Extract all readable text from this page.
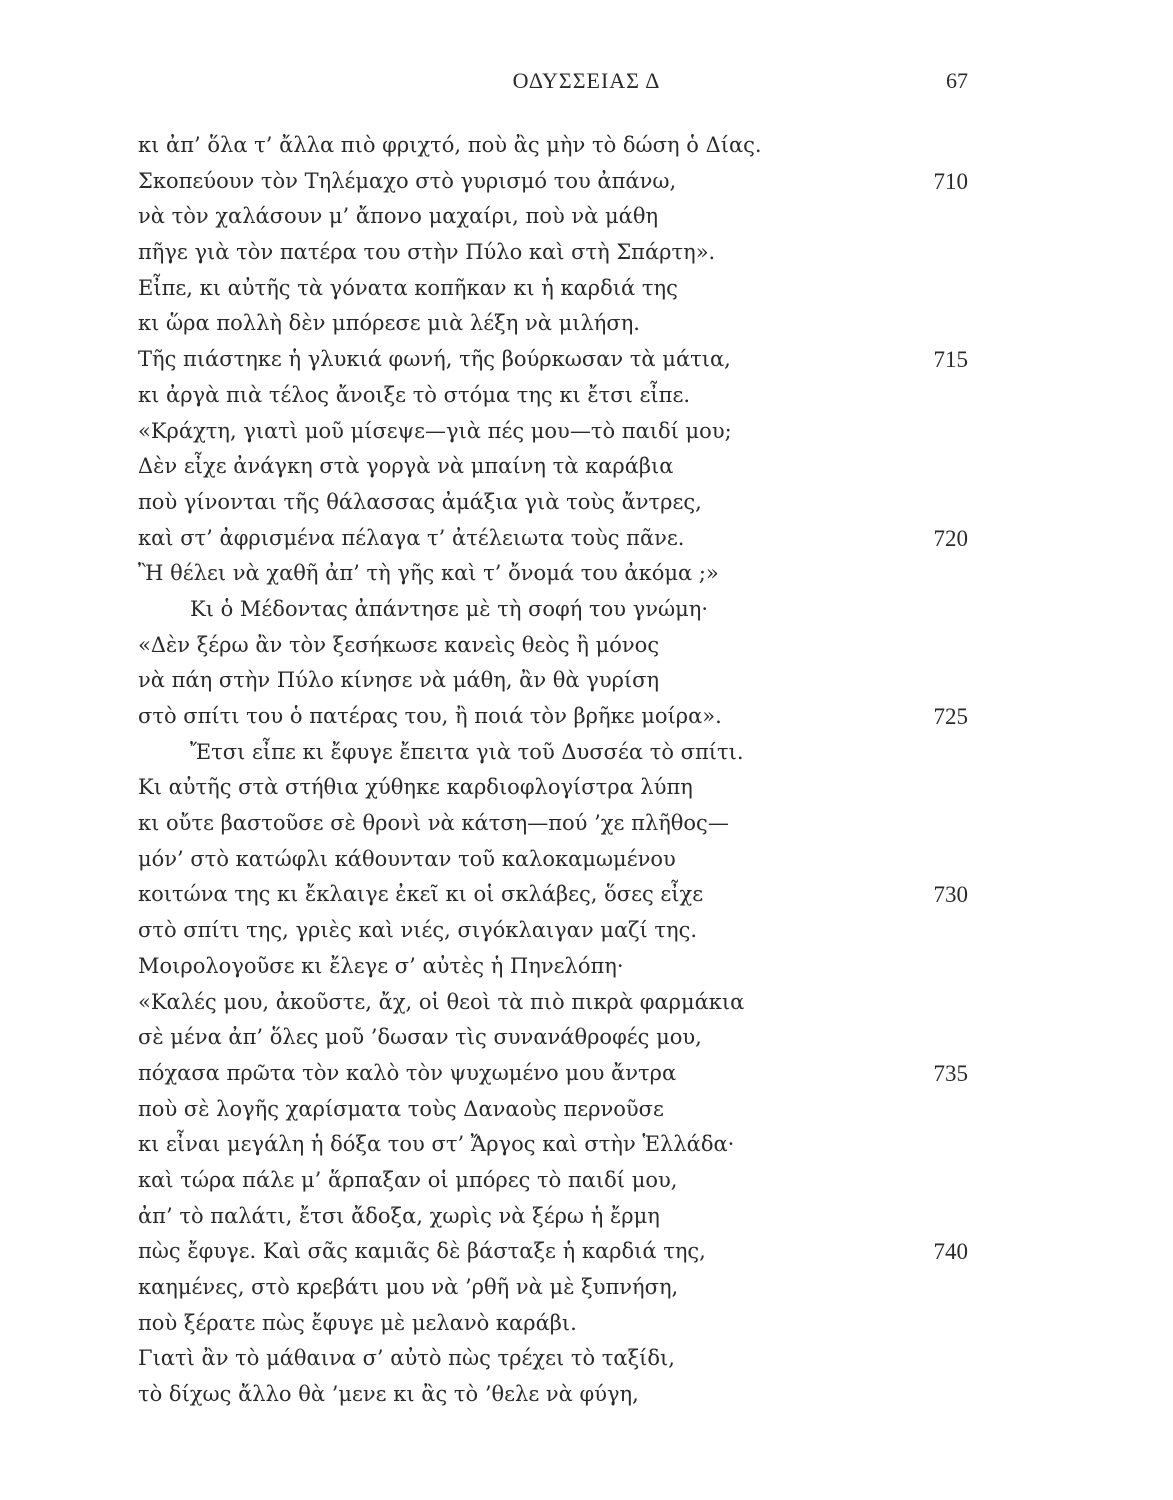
ΟΔΥΣΣΕΙΑΣ Δ	67
κι ἀπ’ ὅλα τ’ ἄλλα πιὸ φριχτό, ποὺ ἂς μὴν τὸ δώση ὁ Δίας.
Σκοπεύουν τὸν Τηλέμαχο στὸ γυρισμό του ἀπάνω,	710
νὰ τὸν χαλάσουν μ’ ἄπονο μαχαίρι, ποὺ νὰ μάθη
πῆγε γιὰ τὸν πατέρα του στὴν Πύλο καὶ στὴ Σπάρτη».
Εἶπε, κι αὐτῆς τὰ γόνατα κοπῆκαν κι ἡ καρδιά της
κι ὥρα πολλὴ δὲν μπόρεσε μιὰ λέξη νὰ μιλήση.
Τῆς πιάστηκε ἡ γλυκιά φωνή, τῆς βούρκωσαν τὰ μάτια,	715
κι ἀργὰ πιὰ τέλος ἄνοιξε τὸ στόμα της κι ἔτσι εἶπε.
«Κράχτη, γιατὶ μοῦ μίσεψε—γιὰ πές μου—τὸ παιδί μου;
Δὲν εἶχε ἀνάγκη στὰ γοργὰ νὰ μπαίνη τὰ καράβια
ποὺ γίνονται τῆς θάλασσας ἀμάξια γιὰ τοὺς ἄντρες,
καὶ στ’ ἀφρισμένα πέλαγα τ’ ἀτέλειωτα τοὺς πᾶνε.	720
Ἢ θέλει νὰ χαθῆ ἀπ’ τὴ γῆς καὶ τ’ ὄνομά του ἀκόμα ;»
Κι ὁ Μέδοντας ἀπάντησε μὲ τὴ σοφή του γνώμη·
«Δὲν ξέρω ἂν τὸν ξεσήκωσε κανεὶς θεὸς ἢ μόνος
νὰ πάη στὴν Πύλο κίνησε νὰ μάθη, ἂν θὰ γυρίση
στὸ σπίτι του ὁ πατέρας του, ἢ ποιά τὸν βρῆκε μοίρα».	725
Ἔτσι εἶπε κι ἔφυγε ἔπειτα γιὰ τοῦ Δυσσέα τὸ σπίτι.
Κι αὐτῆς στὰ στήθια χύθηκε καρδιοφλογίστρα λύπη
κι οὔτε βαστοῦσε σὲ θρονὶ νὰ κάτση—πού ’χε πλῆθος—
μόν’ στὸ κατώφλι κάθουνταν τοῦ καλοκαμωμένου
κοιτώνα της κι ἔκλαιγε ἐκεῖ κι οἱ σκλάβες, ὅσες εἶχε	730
στὸ σπίτι της, γριὲς καὶ νιές, σιγόκλαιγαν μαζί της.
Μοιρολογοῦσε κι ἔλεγε σ’ αὐτὲς ἡ Πηνελόπη·
«Καλές μου, ἀκοῦστε, ἄχ, οἱ θεοὶ τὰ πιὸ πικρὰ φαρμάκια
σὲ μένα ἀπ’ ὅλες μοῦ ’δωσαν τὶς συνανάθροφές μου,
πόχασα πρῶτα τὸν καλὸ τὸν ψυχωμένο μου ἄντρα	735
ποὺ σὲ λογῆς χαρίσματα τοὺς Δαναοὺς περνοῦσε
κι εἶναι μεγάλη ἡ δόξα του στ’ Ἄργος καὶ στὴν Ἑλλάδα·
καὶ τώρα πάλε μ’ ἅρπαξαν οἱ μπόρες τὸ παιδί μου,
ἀπ’ τὸ παλάτι, ἔτσι ἄδοξα, χωρὶς νὰ ξέρω ἡ ἔρμη
πὼς ἔφυγε. Καὶ σᾶς καμιᾶς δὲ βάσταξε ἡ καρδιά της,	740
καημένες, στὸ κρεβάτι μου νὰ ’ρθῆ νὰ μὲ ξυπνήση,
ποὺ ξέρατε πὼς ἔφυγε μὲ μελανὸ καράβι.
Γιατὶ ἂν τὸ μάθαινα σ’ αὐτὸ πὼς τρέχει τὸ ταξίδι,
τὸ δίχως ἄλλο θὰ ’μενε κι ἂς τὸ ’θελε νὰ φύγη,
